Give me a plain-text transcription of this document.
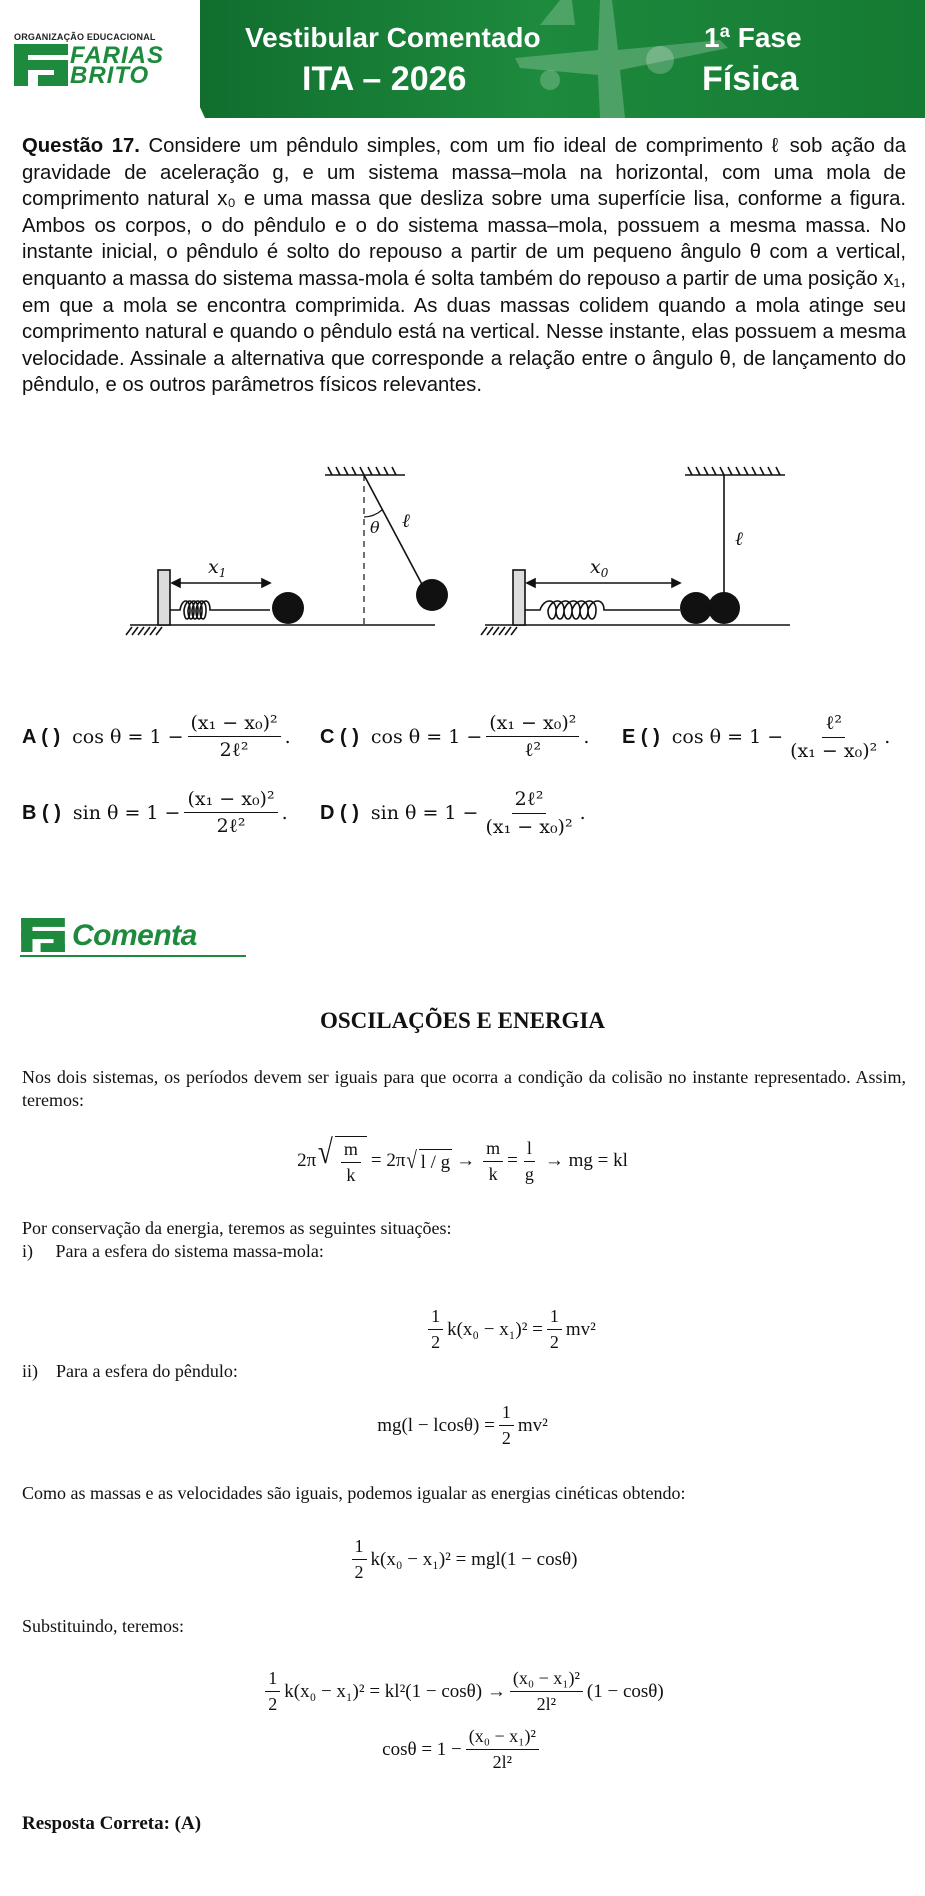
ORGANIZAÇÃO EDUCACIONAL
FARIAS
BRITO
Vestibular Comentado
ITA – 2026
1ª Fase
Física
Questão 17. Considere um pêndulo simples, com um fio ideal de comprimento ℓ sob ação da gravidade de aceleração g, e um sistema massa–mola na horizontal, com uma mola de comprimento natural x₀ e uma massa que desliza sobre uma superfície lisa, conforme a figura. Ambos os corpos, o do pêndulo e o do sistema massa–mola, possuem a mesma massa. No instante inicial, o pêndulo é solto do repouso a partir de um pequeno ângulo θ com a vertical, enquanto a massa do sistema massa-mola é solta também do repouso a partir de uma posição x₁, em que a mola se encontra comprimida. As duas massas colidem quando a mola atinge seu comprimento natural e quando o pêndulo está na vertical. Nesse instante, elas possuem a mesma velocidade. Assinale a alternativa que corresponde a relação entre o ângulo θ, de lançamento do pêndulo, e os outros parâmetros físicos relevantes.
$x_1$
θ ℓ
$x_0$
ℓ
A ( ) $\cos \theta = 1 - \frac{\text{(x₁ − x₀)²}}{\text{2ℓ²}}$ . C ( ) $\cos \theta = 1 - \frac{\text{(x₁ − x₀)²}}{\text{ℓ²}}$ . E ( ) $\cos \theta = 1 - \frac{\text{ℓ²}}{\text{(x₁ − x₀)²}}$ .
B ( ) $\sin \theta = 1 - \frac{\text{(x₁ − x₀)²}}{\text{2ℓ²}}$ . D ( ) $\sin \theta = 1 - \frac{\text{2ℓ²}}{\text{(x₁ − x₀)²}}$ .
Comenta
OSCILAÇÕES E ENERGIA
Nos dois sistemas, os períodos devem ser iguais para que ocorra a condição da colisão no instante representado. Assim, teremos:
2π √ $\frac{m}{k} = 2\pi$ √ $l / g \to \frac{m}{k} = \frac{l}{g}$ → mg = kl
Por conservação da energia, teremos as seguintes situações:
i)     Para a esfera do sistema massa-mola:
$\frac{1}{2} k(x_0 - x_1)^2 = \frac{1}{2} mv^2$
ii)    Para a esfera do pêndulo:
$mg(l - lcos\theta) = \frac{1}{2} mv^2$
Como as massas e as velocidades são iguais, podemos igualar as energias cinéticas obtendo:
$\frac{1}{2} k(x_0 - x_1)^2 = mgl(1 - \cos\theta)$
Substituindo, teremos:
$\frac{1}{2} k(x_0 - x_1)^2 = kl^2(1 - \cos\theta) \to \frac{\text{(x₀ − x₁)²}}{\text{2l²}} (1 - \cos\theta)$
$\cos\theta = 1 - \frac{\text{(x₀ − x₁)²}}{\text{2l²}}$
Resposta Correta: (A)
